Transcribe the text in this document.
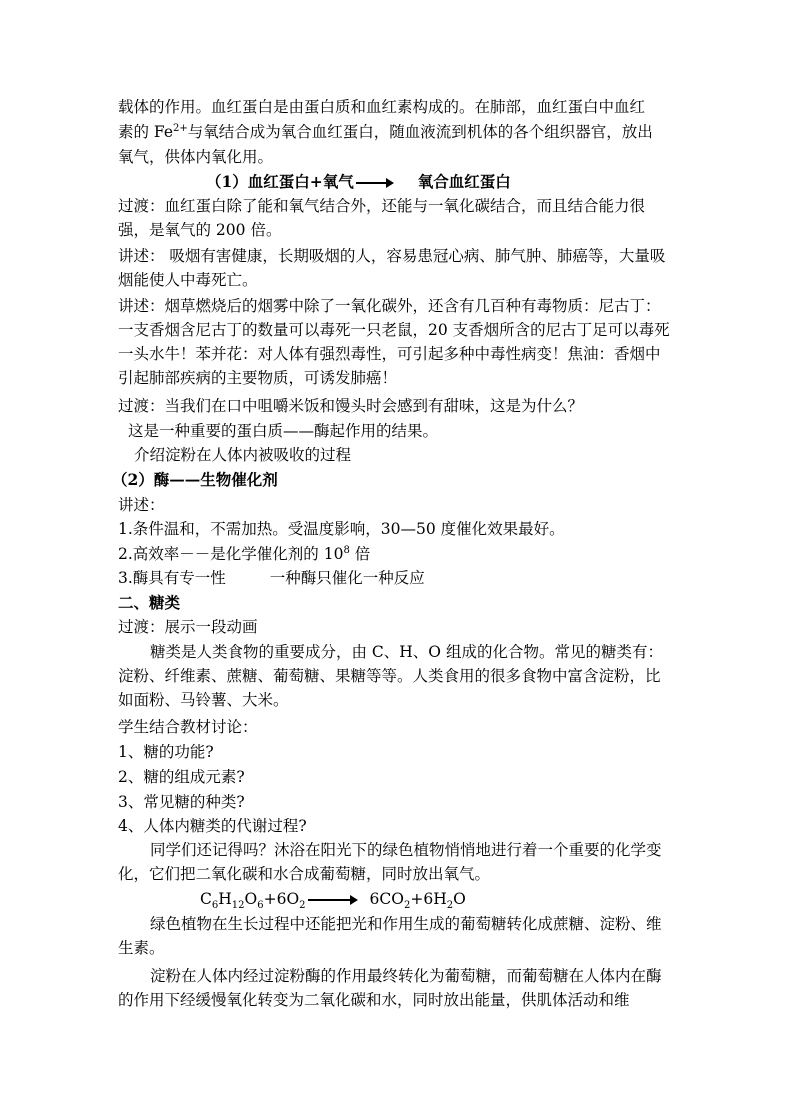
载体的作用。血红蛋白是由蛋白质和血红素构成的。在肺部，血红蛋白中血红
素的 $Fe^{2+}$与氧结合成为氧合血红蛋白，随血液流到机体的各个组织器官，放出
氧气，供体内氧化用。
（1）血红蛋白+氧气	氧合血红蛋白
过渡：血红蛋白除了能和氧气结合外，还能与一氧化碳结合，而且结合能力很强，是氧气的 200 倍。
讲述： 吸烟有害健康，长期吸烟的人，容易患冠心病、肺气肿、肺癌等，大量吸烟能使人中毒死亡。
讲述：烟草燃烧后的烟雾中除了一氧化碳外，还含有几百种有毒物质：尼古丁：一支香烟含尼古丁的数量可以毒死一只老鼠，20 支香烟所含的尼古丁足可以毒死一头水牛！苯并花：对人体有强烈毒性，可引起多种中毒性病变！焦油：香烟中引起肺部疾病的主要物质，可诱发肺癌！
过渡：当我们在口中咀嚼米饭和馒头时会感到有甜味，这是为什么？
这是一种重要的蛋白质——酶起作用的结果。
介绍淀粉在人体内被吸收的过程
（2）酶——生物催化剂
讲述：
1.条件温和，不需加热。受温度影响，30—50 度催化效果最好。
2.高效率－－是化学催化剂的 $10^8$ 倍
3.酶具有专一性	一种酶只催化一种反应
二、糖类
过渡：展示一段动画
糖类是人类食物的重要成分，由 C、H、O 组成的化合物。常见的糖类有：淀粉、纤维素、蔗糖、葡萄糖、果糖等等。人类食用的很多食物中富含淀粉，比如面粉、马铃薯、大米。
学生结合教材讨论：
1、糖的功能?
2、糖的组成元素?
3、常见糖的种类?
4、人体内糖类的代谢过程?
同学们还记得吗？沐浴在阳光下的绿色植物悄悄地进行着一个重要的化学变化，它们把二氧化碳和水合成葡萄糖，同时放出氧气。
$C_6H_{12}O_6+6O_2$	$6CO_2+6H_2O$
绿色植物在生长过程中还能把光和作用生成的葡萄糖转化成蔗糖、淀粉、维生素。
淀粉在人体内经过淀粉酶的作用最终转化为葡萄糖，而葡萄糖在人体内在酶的作用下经缓慢氧化转变为二氧化碳和水，同时放出能量，供肌体活动和维
